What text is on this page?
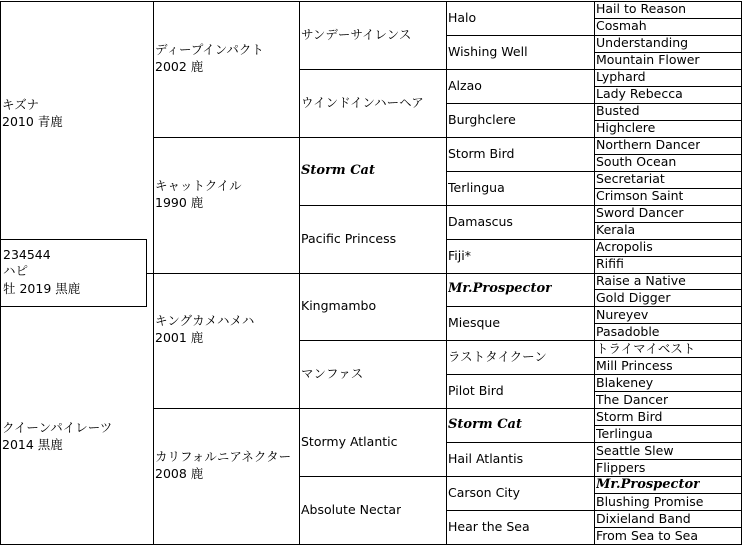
キズナ
2010 青鹿
クイーンパイレーツ
2014 黒鹿
ディープインパクト
2002 鹿
キャットクイル
1990 鹿
キングカメハメハ
2001 鹿
カリフォルニアネクター
2008 鹿
サンデーサイレンス
ウインドインハーヘア
Storm Cat
Pacific Princess
Kingmambo
マンファス
Stormy Atlantic
Absolute Nectar
Halo
Wishing Well
Alzao
Burghclere
Storm Bird
Terlingua
Damascus
Fiji*
Mr.Prospector
Miesque
ラストタイクーン
Pilot Bird
Storm Cat
Hail Atlantis
Carson City
Hear the Sea
Hail to Reason
Cosmah
Understanding
Mountain Flower
Lyphard
Lady Rebecca
Busted
Highclere
Northern Dancer
South Ocean
Secretariat
Crimson Saint
Sword Dancer
Kerala
Acropolis
Rififi
Raise a Native
Gold Digger
Nureyev
Pasadoble
トライマイベスト
Mill Princess
Blakeney
The Dancer
Storm Bird
Terlingua
Seattle Slew
Flippers
Mr.Prospector
Blushing Promise
Dixieland Band
From Sea to Sea
234544
ハピ
牡 2019 黒鹿
